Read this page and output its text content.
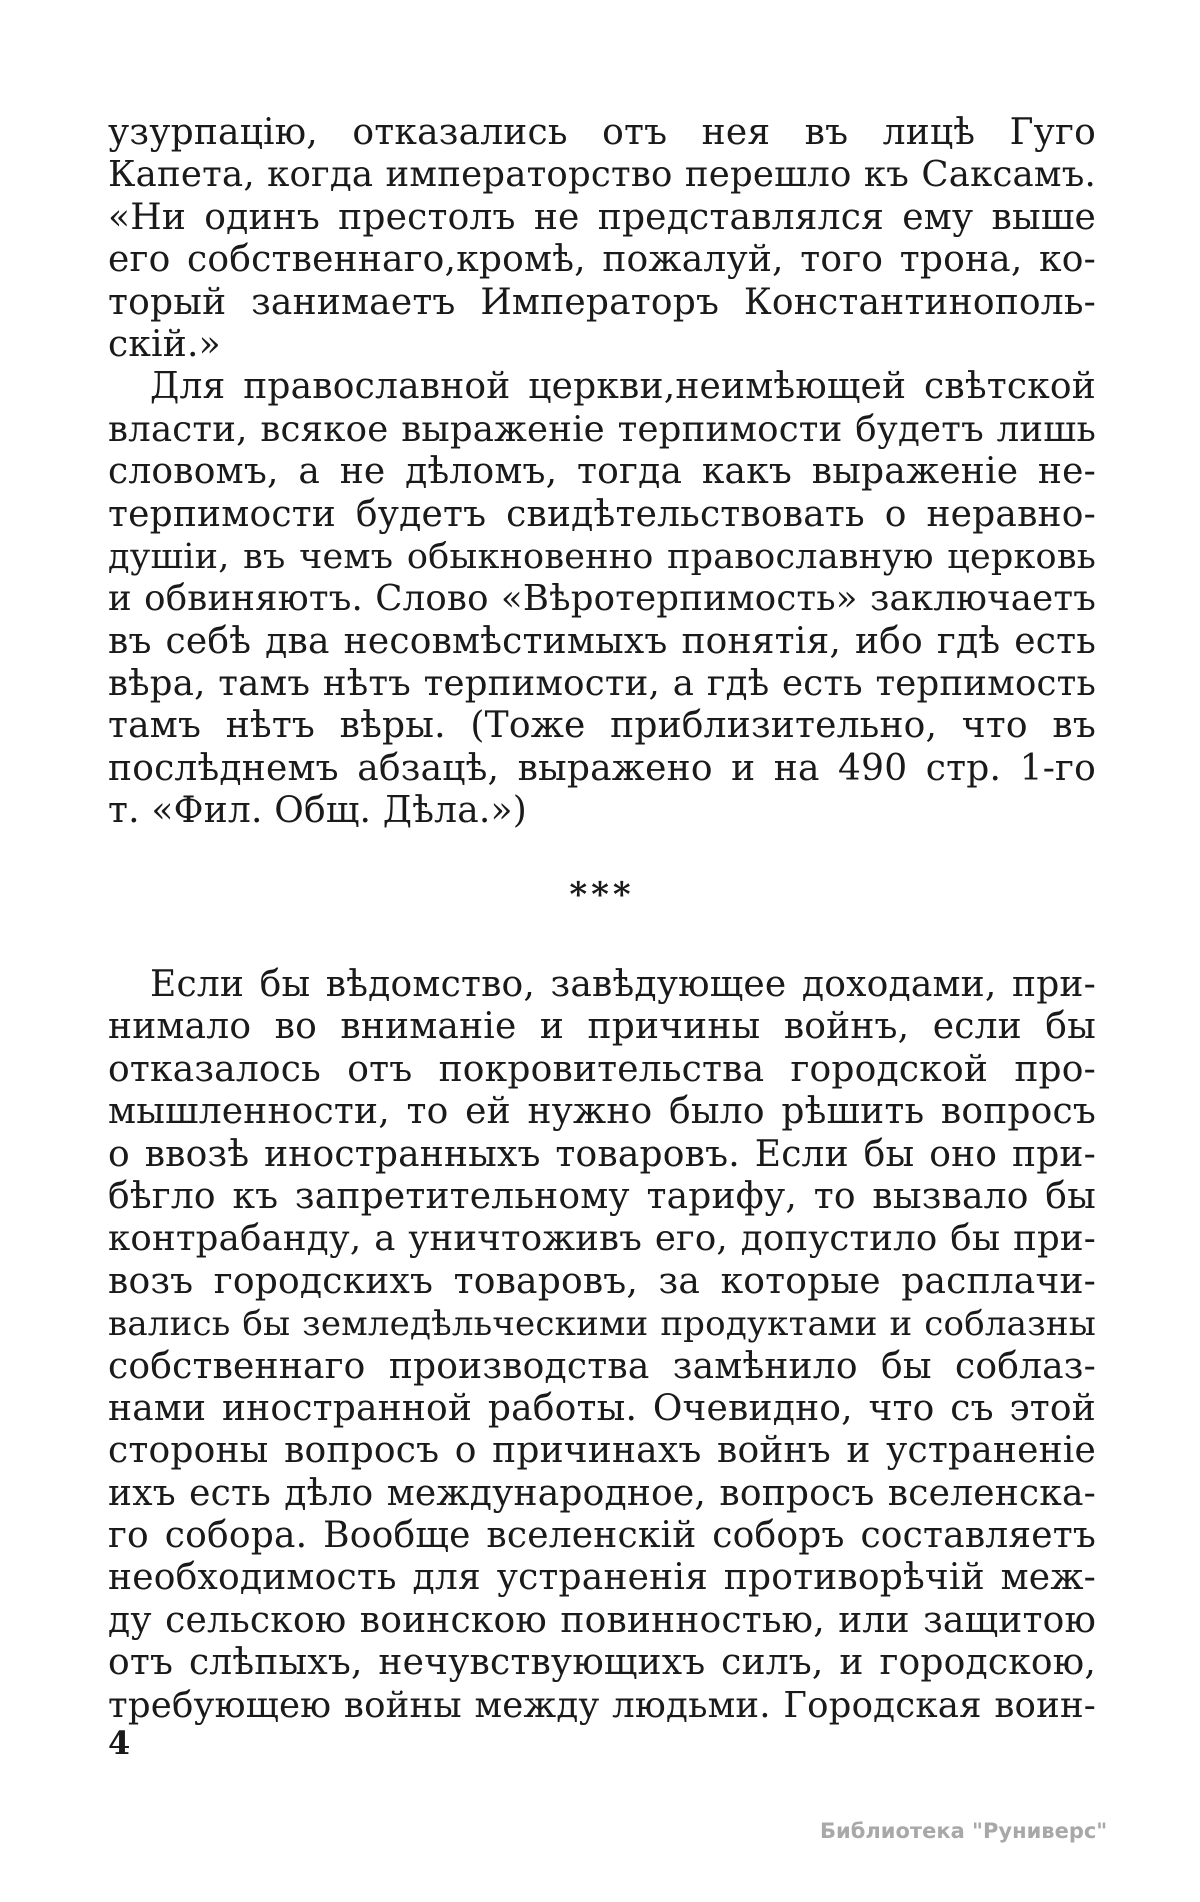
узурпацію, отказались отъ нея въ лицѣ Гуго
Капета, когда императорство перешло къ Саксамъ.
«Ни одинъ престолъ не представлялся ему выше
его собственнаго,кромѣ, пожалуй, того трона, ко-
торый занимаетъ Императоръ Константинополь-
скій.»
Для православной церкви,неимѣющей свѣтской
власти, всякое выраженіе терпимости будетъ лишь
словомъ, а не дѣломъ, тогда какъ выраженіе не-
терпимости будетъ свидѣтельствовать о неравно-
душіи, въ чемъ обыкновенно православную церковь
и обвиняютъ. Слово «Вѣротерпимость» заключаетъ
въ себѣ два несовмѣстимыхъ понятія, ибо гдѣ есть
вѣра, тамъ нѣтъ терпимости, а гдѣ есть терпимость
тамъ нѣтъ вѣры. (Тоже приблизительно, что въ
послѣднемъ абзацѣ, выражено и на 490 стр. 1-го
т. «Фил. Общ. Дѣла.»)
***
Если бы вѣдомство, завѣдующее доходами, при-
нимало во вниманіе и причины войнъ, если бы
отказалось отъ покровительства городской про-
мышленности, то ей нужно было рѣшить вопросъ
о ввозѣ иностранныхъ товаровъ. Если бы оно при-
бѣгло къ запретительному тарифу, то вызвало бы
контрабанду, а уничтоживъ его, допустило бы при-
возъ городскихъ товаровъ, за которые расплачи-
вались бы земледѣльческими продуктами и соблазны
собственнаго производства замѣнило бы соблаз-
нами иностранной работы. Очевидно, что съ этой
стороны вопросъ о причинахъ войнъ и устраненіе
ихъ есть дѣло международное, вопросъ вселенска-
го собора. Вообще вселенскій соборъ составляетъ
необходимость для устраненія противорѣчій меж-
ду сельскою воинскою повинностью, или защитою
отъ слѣпыхъ, нечувствующихъ силъ, и городскою,
требующею войны между людьми. Городская воин-
4
Библиотека "Руниверс"
